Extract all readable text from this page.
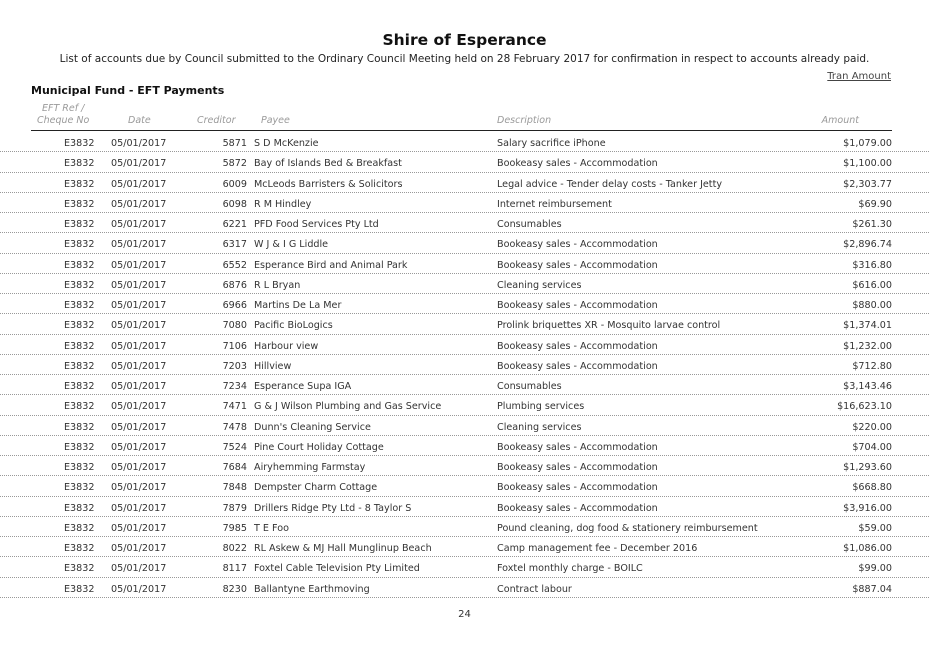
Shire of Esperance
List of accounts due by Council submitted to the Ordinary Council Meeting held on 28 February 2017 for confirmation in respect to accounts already paid.
Tran Amount
Municipal Fund - EFT Payments
EFT Ref /
Cheque No	Date	Creditor	Payee	Description	Amount
E3832 05/01/2017	5871 S D McKenzie	Salary sacrifice iPhone	$1,079.00
E3832 05/01/2017	5872 Bay of Islands Bed & Breakfast	Bookeasy sales - Accommodation	$1,100.00
E3832 05/01/2017	6009 McLeods Barristers & Solicitors	Legal advice - Tender delay costs - Tanker Jetty	$2,303.77
E3832 05/01/2017	6098 R M Hindley	Internet reimbursement	$69.90
E3832 05/01/2017	6221 PFD Food Services Pty Ltd	Consumables	$261.30
E3832 05/01/2017	6317 W J & I G Liddle	Bookeasy sales - Accommodation	$2,896.74
E3832 05/01/2017	6552 Esperance Bird and Animal Park	Bookeasy sales - Accommodation	$316.80
E3832 05/01/2017	6876 R L Bryan	Cleaning services	$616.00
E3832 05/01/2017	6966 Martins De La Mer	Bookeasy sales - Accommodation	$880.00
E3832 05/01/2017	7080 Pacific BioLogics	Prolink briquettes XR - Mosquito larvae control	$1,374.01
E3832 05/01/2017	7106 Harbour view	Bookeasy sales - Accommodation	$1,232.00
E3832 05/01/2017	7203 Hillview	Bookeasy sales - Accommodation	$712.80
E3832 05/01/2017	7234 Esperance Supa IGA	Consumables	$3,143.46
E3832 05/01/2017	7471 G & J Wilson Plumbing and Gas Service	Plumbing services	$16,623.10
E3832 05/01/2017	7478 Dunn's Cleaning Service	Cleaning services	$220.00
E3832 05/01/2017	7524 Pine Court Holiday Cottage	Bookeasy sales - Accommodation	$704.00
E3832 05/01/2017	7684 Airyhemming Farmstay	Bookeasy sales - Accommodation	$1,293.60
E3832 05/01/2017	7848 Dempster Charm Cottage	Bookeasy sales - Accommodation	$668.80
E3832 05/01/2017	7879 Drillers Ridge Pty Ltd - 8 Taylor S	Bookeasy sales - Accommodation	$3,916.00
E3832 05/01/2017	7985 T E Foo	Pound cleaning, dog food & stationery reimbursement	$59.00
E3832 05/01/2017	8022 RL Askew & MJ Hall Munglinup Beach	Camp management fee - December 2016	$1,086.00
E3832 05/01/2017	8117 Foxtel Cable Television Pty Limited	Foxtel monthly charge - BOILC	$99.00
E3832 05/01/2017	8230 Ballantyne Earthmoving	Contract labour	$887.04
24
